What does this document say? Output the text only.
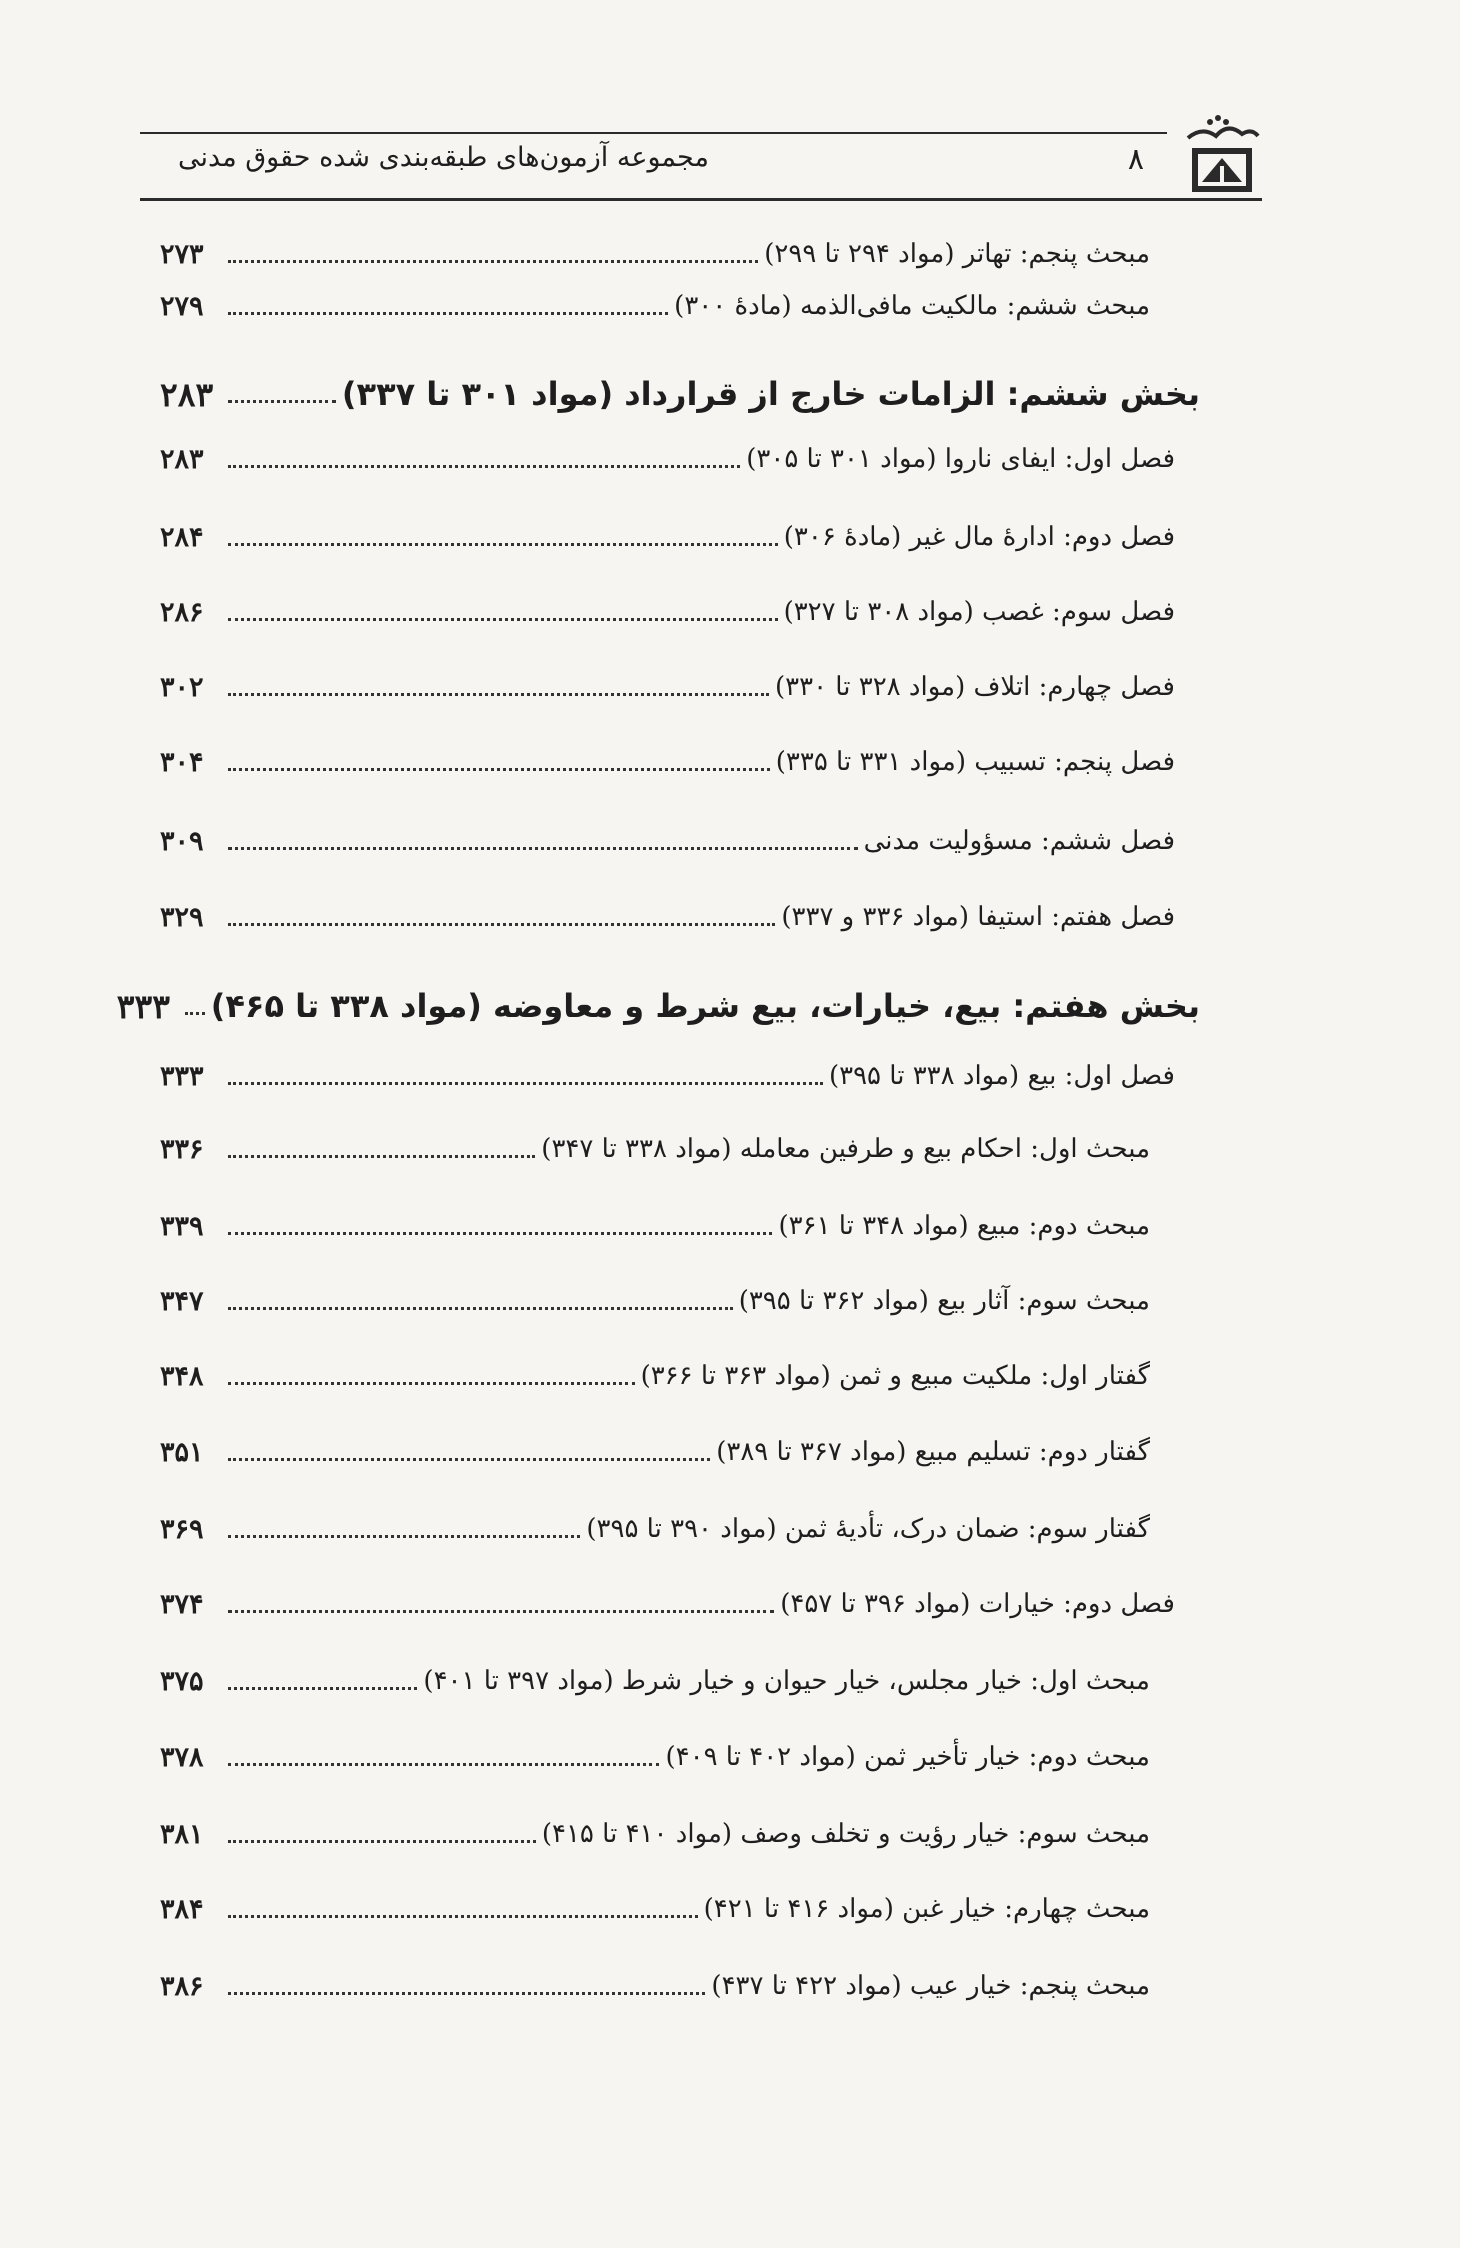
۸
مجموعه آزمون‌های طبقه‌بندی شده حقوق مدنی
مبحث پنجم: تهاتر (مواد ۲۹۴ تا ۲۹۹)
۲۷۳
مبحث ششم: مالکیت مافی‌الذمه (مادهٔ ۳۰۰)
۲۷۹
بخش ششم: الزامات خارج از قرارداد (مواد ۳۰۱ تا ۳۳۷)
۲۸۳
فصل اول: ایفای ناروا (مواد ۳۰۱ تا ۳۰۵)
۲۸۳
فصل دوم: ادارهٔ مال غیر (مادهٔ ۳۰۶)
۲۸۴
فصل سوم: غصب (مواد ۳۰۸ تا ۳۲۷)
۲۸۶
فصل چهارم: اتلاف (مواد ۳۲۸ تا ۳۳۰)
۳۰۲
فصل پنجم: تسبیب (مواد ۳۳۱ تا ۳۳۵)
۳۰۴
فصل ششم: مسؤولیت مدنی
۳۰۹
فصل هفتم: استیفا (مواد ۳۳۶ و ۳۳۷)
۳۲۹
بخش هفتم: بیع، خیارات، بیع شرط و معاوضه (مواد ۳۳۸ تا ۴۶۵)
۳۳۳
فصل اول: بیع (مواد ۳۳۸ تا ۳۹۵)
۳۳۳
مبحث اول: احکام بیع و طرفین معامله (مواد ۳۳۸ تا ۳۴۷)
۳۳۶
مبحث دوم: مبیع (مواد ۳۴۸ تا ۳۶۱)
۳۳۹
مبحث سوم: آثار بیع (مواد ۳۶۲ تا ۳۹۵)
۳۴۷
گفتار اول: ملکیت مبیع و ثمن (مواد ۳۶۳ تا ۳۶۶)
۳۴۸
گفتار دوم: تسلیم مبیع (مواد ۳۶۷ تا ۳۸۹)
۳۵۱
گفتار سوم: ضمان درک، تأدیهٔ ثمن (مواد ۳۹۰ تا ۳۹۵)
۳۶۹
فصل دوم: خیارات (مواد ۳۹۶ تا ۴۵۷)
۳۷۴
مبحث اول: خیار مجلس، خیار حیوان و خیار شرط (مواد ۳۹۷ تا ۴۰۱)
۳۷۵
مبحث دوم: خیار تأخیر ثمن (مواد ۴۰۲ تا ۴۰۹)
۳۷۸
مبحث سوم: خیار رؤیت و تخلف وصف (مواد ۴۱۰ تا ۴۱۵)
۳۸۱
مبحث چهارم: خیار غبن (مواد ۴۱۶ تا ۴۲۱)
۳۸۴
مبحث پنجم: خیار عیب (مواد ۴۲۲ تا ۴۳۷)
۳۸۶
